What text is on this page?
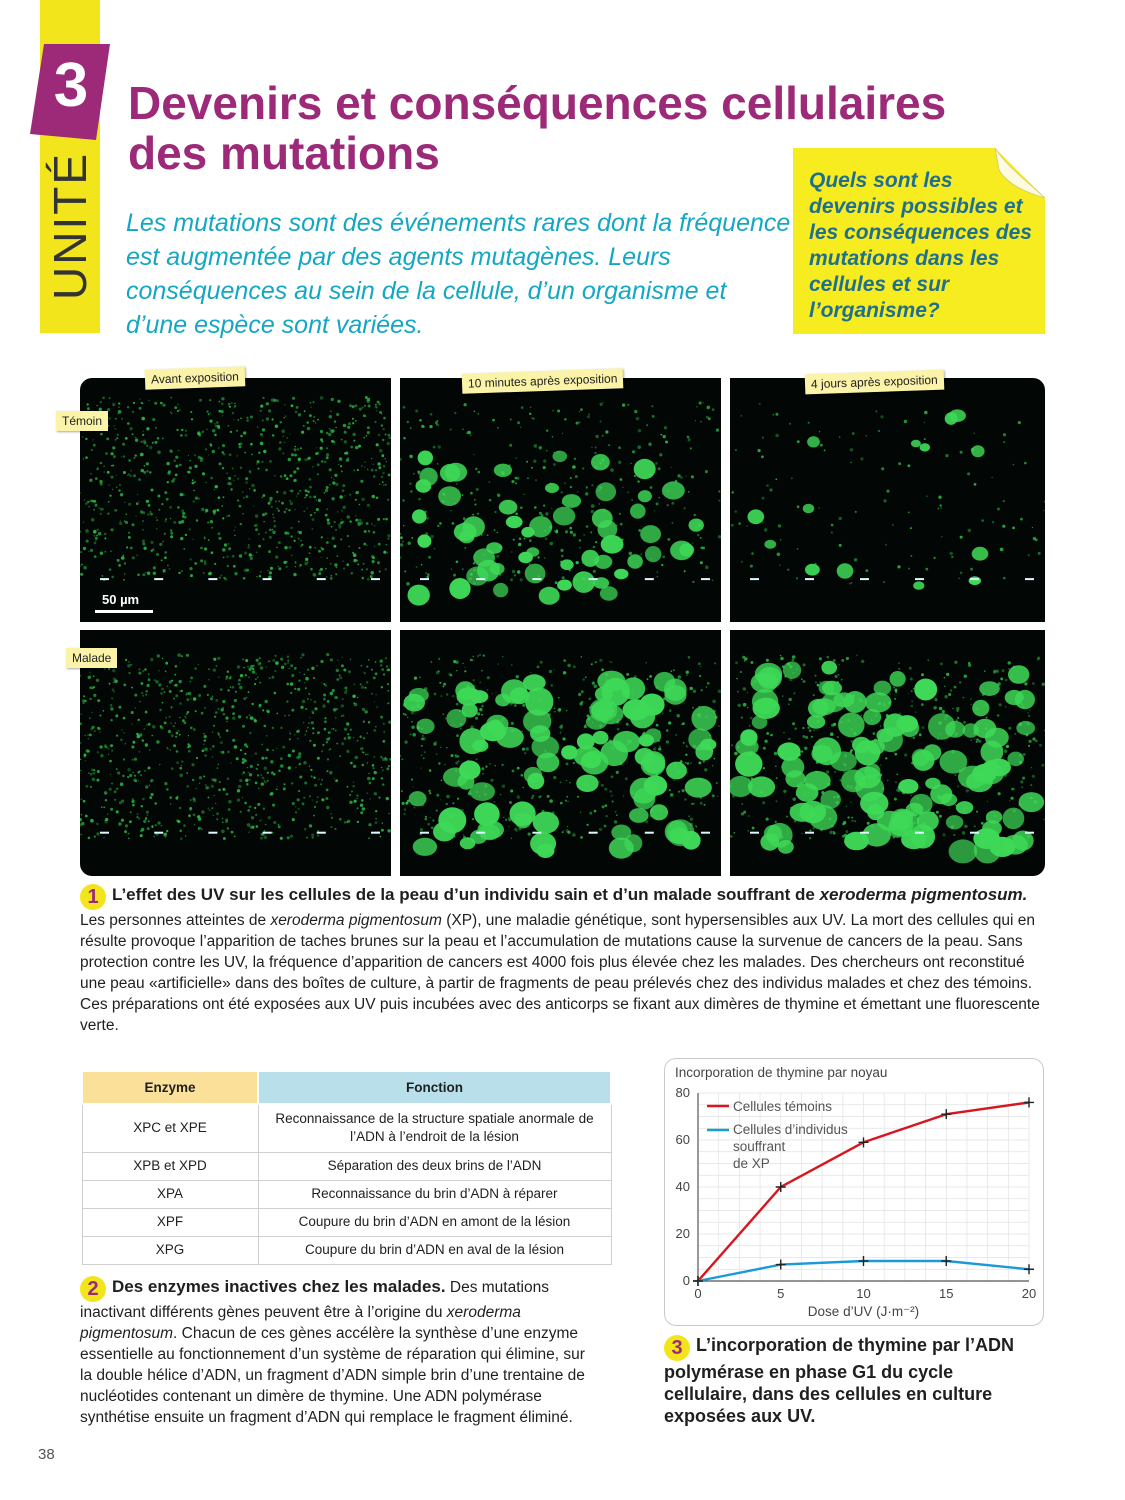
3
UNITÉ
Devenirs et conséquences cellulaires des mutations

Les mutations sont des événements rares dont la fréquence est augmentée par des agents mutagènes. Leurs conséquences au sein de la cellule, d’un organisme et d’une espèce sont variées.

Quels sont les devenirs possibles et les conséquences des mutations dans les cellules et sur l’organisme?
Avant exposition	10 minutes après exposition	4 jours après exposition
Témoin
Malade
50 µm

1 L’effet des UV sur les cellules de la peau d’un individu sain et d’un malade souffrant de xeroderma pigmentosum. Les personnes atteintes de xeroderma pigmentosum (XP), une maladie génétique, sont hypersensibles aux UV. La mort des cellules qui en résulte provoque l’apparition de taches brunes sur la peau et l’accumulation de mutations cause la survenue de cancers de la peau. Sans protection contre les UV, la fréquence d’apparition de cancers est 4000 fois plus élevée chez les malades. Des chercheurs ont reconstitué une peau «artificielle» dans des boîtes de culture, à partir de fragments de peau prélevés chez des individus malades et chez des témoins. Ces préparations ont été exposées aux UV puis incubées avec des anticorps se fixant aux dimères de thymine et émettant une fluorescente verte.

Enzyme	Fonction
XPC et XPE	Reconnaissance de la structure spatiale anormale de l’ADN à l’endroit de la lésion
XPB et XPD	Séparation des deux brins de l’ADN
XPA	Reconnaissance du brin d’ADN à réparer
XPF	Coupure du brin d’ADN en amont de la lésion
XPG	Coupure du brin d’ADN en aval de la lésion

2 Des enzymes inactives chez les malades. Des mutations inactivant différents gènes peuvent être à l’origine du xeroderma pigmentosum. Chacun de ces gènes accélère la synthèse d’une enzyme essentielle au fonctionnement d’un système de réparation qui élimine, sur la double hélice d’ADN, un fragment d’ADN simple brin d’une trentaine de nucléotides contenant un dimère de thymine. Une ADN polymérase synthétise ensuite un fragment d’ADN qui remplace le fragment éliminé.

0
20
40
60
80
0	5	10	15	20
Incorporation de thymine par noyau
Dose d’UV (J·m⁻²)
Cellules témoins
Cellules d’individus souffrant de XP

3 L’incorporation de thymine par l’ADN polymérase en phase G1 du cycle cellulaire, dans des cellules en culture exposées aux UV.

38
